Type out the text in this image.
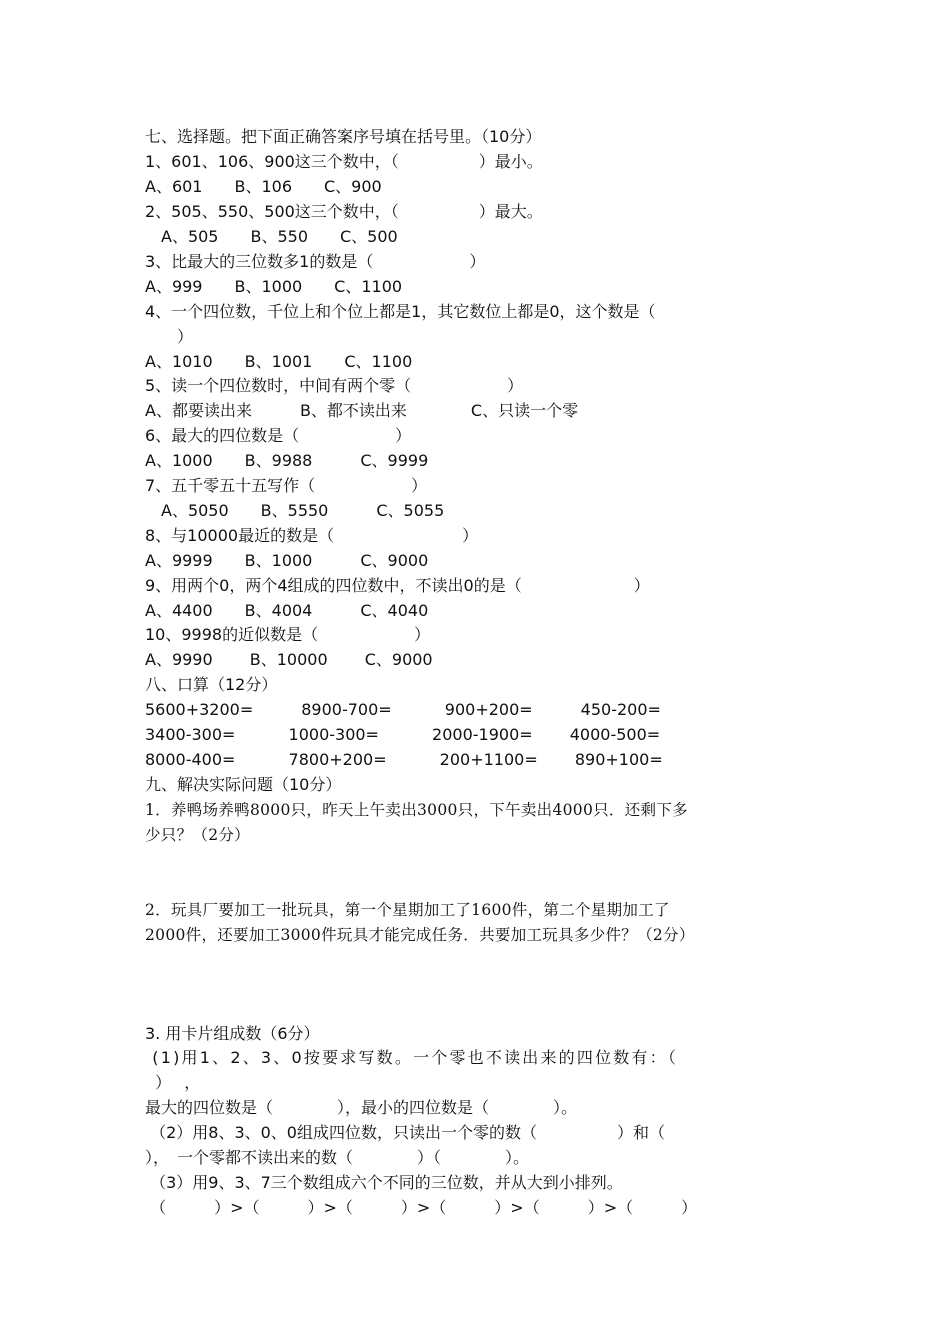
七、选择题。把下面正确答案序号填在括号里。（10分）
1、601、106、900这三个数中，（　　　　　）最小。
A、601　　B、106　　C、900
2、505、550、500这三个数中，（　　　　　）最大。
　A、505　　B、550　　C、500
3、比最大的三位数多1的数是（　　　　　　）
A、999　　B、1000　　C、1100
4、一个四位数，千位上和个位上都是1，其它数位上都是0，这个数是（
　　）
A、1010　　B、1001　　C、1100
5、读一个四位数时，中间有两个零（　　　　　　）
A、都要读出来　　　B、都不读出来　　　　C、只读一个零
6、最大的四位数是（　　　　　　）
A、1000　　B、9988　　　C、9999
7、五千零五十五写作（　　　　　　）
　A、5050　　B、5550　　　C、5055
8、与10000最近的数是（　　　　　　　　）
A、9999　　B、1000　　　C、9000
9、用两个0，两个4组成的四位数中，不读出0的是（　　　　　　　）
A、4400　　B、4004　　　C、4040
10、9998的近似数是（　　　　　　）
A、9990　　 B、10000　　 C、9000
八、口算（12分）
5600+3200=　　　8900-700=　　　 900+200=　　　450-200=
3400-300=　　　 1000-300=　　　 2000-1900=　　 4000-500=
8000-400=　　　 7800+200=　　　 200+1100=　　 890+100=
九、解决实际问题（10分）
1．养鸭场养鸭8000只，昨天上午卖出3000只，下午卖出4000只．还剩下多
少只？（2分）
2．玩具厂要加工一批玩具，第一个星期加工了1600件，第二个星期加工了
2000件，还要加工3000件玩具才能完成任务．共要加工玩具多少件？（2分）
3. 用卡片组成数（6分）
(1)用1、2、3、0按要求写数。一个零也不读出来的四位数有：（
）　 ，
最大的四位数是（　　　　），最小的四位数是（　　　　）。
（2）用8、3、0、0组成四位数，只读出一个零的数（　　　　　）和（
），　一个零都不读出来的数（　　　　）（　　　　）。
（3）用9、3、7三个数组成六个不同的三位数，并从大到小排列。
（　　　）>（　　　）>（　　　）>（　　　）>（　　　）>（　　　）
